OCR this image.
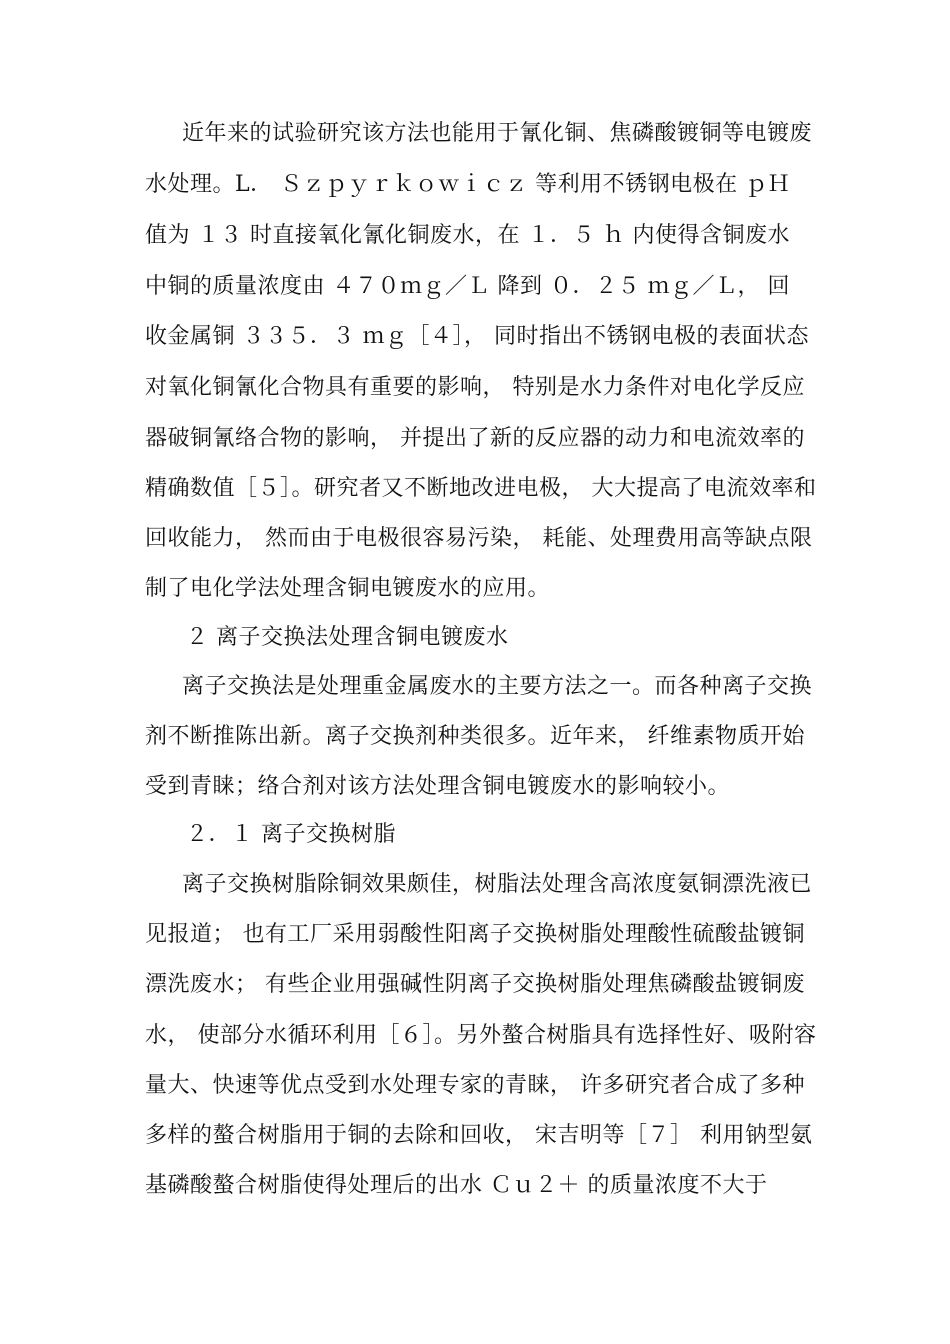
近年来的试验研究该方法也能用于氰化铜、焦磷酸镀铜等电镀废
水处理。L． Ｓｚｐｙｒｋｏｗｉｃｚ 等利用不锈钢电极在 ｐＨ
值为 １３ 时直接氧化氰化铜废水，在 １．５ ｈ 内使得含铜废水
中铜的质量浓度由 ４７０ｍｇ／Ｌ 降到 ０．２５ ｍｇ／Ｌ， 回
收金属铜 ３３５．３ ｍｇ［４］， 同时指出不锈钢电极的表面状态
对氧化铜氰化合物具有重要的影响， 特别是水力条件对电化学反应
器破铜氰络合物的影响， 并提出了新的反应器的动力和电流效率的
精确数值［５］。研究者又不断地改进电极， 大大提高了电流效率和
回收能力， 然而由于电极很容易污染， 耗能、处理费用高等缺点限
制了电化学法处理含铜电镀废水的应用。
２ 离子交换法处理含铜电镀废水
离子交换法是处理重金属废水的主要方法之一。而各种离子交换
剂不断推陈出新。离子交换剂种类很多。近年来， 纤维素物质开始
受到青睐；络合剂对该方法处理含铜电镀废水的影响较小。
２．１ 离子交换树脂
离子交换树脂除铜效果颇佳，树脂法处理含高浓度氨铜漂洗液已
见报道； 也有工厂采用弱酸性阳离子交换树脂处理酸性硫酸盐镀铜
漂洗废水； 有些企业用强碱性阴离子交换树脂处理焦磷酸盐镀铜废
水， 使部分水循环利用［６］。另外螯合树脂具有选择性好、吸附容
量大、快速等优点受到水处理专家的青睐， 许多研究者合成了多种
多样的螯合树脂用于铜的去除和回收， 宋吉明等［７］ 利用钠型氨
基磷酸螯合树脂使得处理后的出水 Ｃｕ２＋ 的质量浓度不大于
